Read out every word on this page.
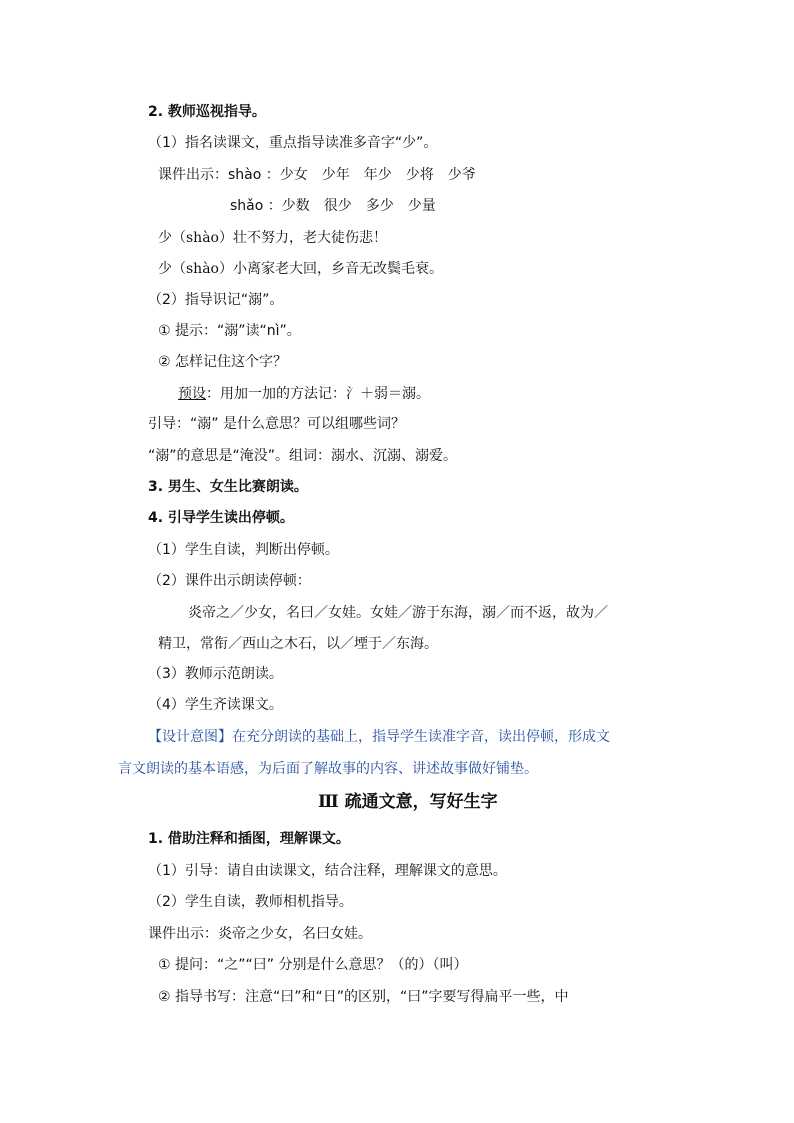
2. 教师巡视指导。
（1）指名读课文，重点指导读准多音字“少”。
课件出示：shào ：少女　少年　年少　少将　少爷
shǎo ：少数　很少　多少　少量
少（shào）壮不努力，老大徒伤悲！
少（shào）小离家老大回，乡音无改鬓毛衰。
（2）指导识记“溺”。
① 提示：“溺”读“nì”。
② 怎样记住这个字？
预设：用加一加的方法记：氵＋弱＝溺。
引导：“溺” 是什么意思？可以组哪些词？
“溺”的意思是“淹没”。组词：溺水、沉溺、溺爱。
3. 男生、女生比赛朗读。
4. 引导学生读出停顿。
（1）学生自读，判断出停顿。
（2）课件出示朗读停顿：
炎帝之／少女，名曰／女娃。女娃／游于东海，溺／而不返，故为／
精卫，常衔／西山之木石，以／堙于／东海。
（3）教师示范朗读。
（4）学生齐读课文。
【设计意图】在充分朗读的基础上，指导学生读准字音，读出停顿，形成文
言文朗读的基本语感，为后面了解故事的内容、讲述故事做好铺垫。
Ⅲ 疏通文意，写好生字
1. 借助注释和插图，理解课文。
（1）引导：请自由读课文，结合注释，理解课文的意思。
（2）学生自读，教师相机指导。
课件出示：炎帝之少女，名曰女娃。
① 提问：“之”“曰” 分别是什么意思？（的）（叫）
② 指导书写：注意“曰”和“日”的区别，“曰”字要写得扁平一些，中
